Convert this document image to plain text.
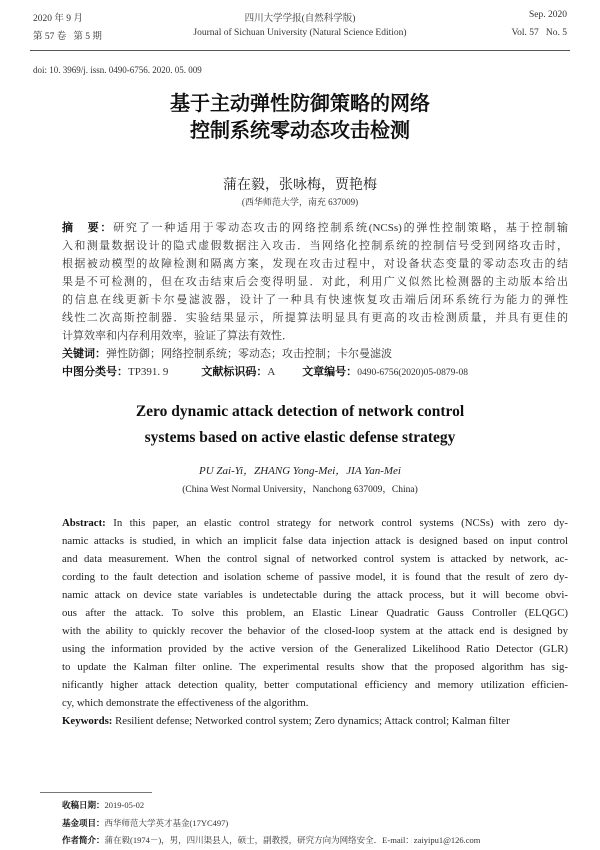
2020 年 9 月	四川大学学报(自然科学版)	Sep. 2020
第 57 卷   第 5 期	Journal of Sichuan University (Natural Science Edition)	Vol. 57   No. 5
doi: 10. 3969/j. issn. 0490-6756. 2020. 05. 009
基于主动弹性防御策略的网络
控制系统零动态攻击检测
蒲在毅，张咏梅，贾艳梅
(西华师范大学，南充 637009)
摘　要：研究了一种适用于零动态攻击的网络控制系统(NCSs)的弹性控制策略，基于控制输
入和测量数据设计的隐式虚假数据注入攻击．当网络化控制系统的控制信号受到网络攻击时，
根据被动模型的故障检测和隔离方案，发现在攻击过程中，对设备状态变量的零动态攻击的结
果是不可检测的，但在攻击结束后会变得明显．对此，利用广义似然比检测器的主动版本给出
的信息在线更新卡尔曼滤波器，设计了一种具有快速恢复攻击端后闭环系统行为能力的弹性
线性二次高斯控制器．实验结果显示，所提算法明显具有更高的攻击检测质量，并具有更佳的
计算效率和内存利用效率，验证了算法有效性．
关键词：弹性防御；网络控制系统；零动态；攻击控制；卡尔曼滤波
中图分类号：TP391. 9	文献标识码：A	文章编号：0490-6756(2020)05-0879-08
Zero dynamic attack detection of network control
systems based on active elastic defense strategy
PU Zai-Yi，ZHANG Yong-Mei，JIA Yan-Mei
(China West Normal University，Nanchong 637009，China)
Abstract: In this paper, an elastic control strategy for network control systems (NCSs) with zero dy-
namic attacks is studied, in which an implicit false data injection attack is designed based on input control
and data measurement. When the control signal of networked control system is attacked by network, ac-
cording to the fault detection and isolation scheme of passive model, it is found that the result of zero dy-
namic attack on device state variables is undetectable during the attack process, but it will become obvi-
ous after the attack. To solve this problem, an Elastic Linear Quadratic Gauss Controller (ELQGC)
with the ability to quickly recover the behavior of the closed-loop system at the attack end is designed by
using the information provided by the active version of the Generalized Likelihood Ratio Detector (GLR)
to update the Kalman filter online. The experimental results show that the proposed algorithm has sig-
nificantly higher attack detection quality, better computational efficiency and memory utilization efficien-
cy, which demonstrate the effectiveness of the algorithm.
Keywords: Resilient defense; Networked control system; Zero dynamics; Attack control; Kalman filter
收稿日期：2019-05-02
基金项目：西华师范大学英才基金(17YC497)
作者简介：蒲在毅(1974－)，男，四川渠县人，硕士，副教授，研究方向为网络安全．E-mail：zaiyipu1@126.com
